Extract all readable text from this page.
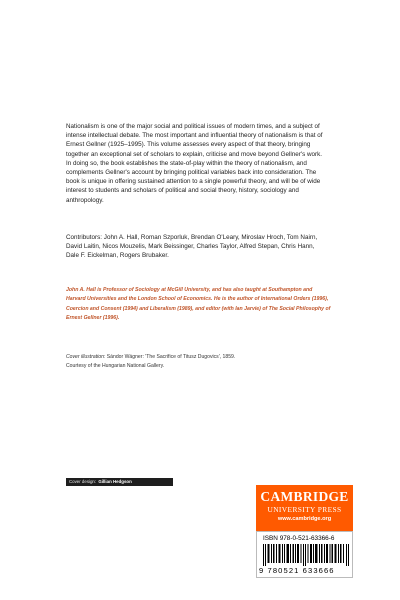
Nationalism is one of the major social and political issues of modern times, and a subject of intense intellectual debate. The most important and influential theory of nationalism is that of Ernest Gellner (1925–1995). This volume assesses every aspect of that theory, bringing together an exceptional set of scholars to explain, criticise and move beyond Gellner's work. In doing so, the book establishes the state-of-play within the theory of nationalism, and complements Gellner's account by bringing political variables back into consideration. The book is unique in offering sustained attention to a single powerful theory, and will be of wide interest to students and scholars of political and social theory, history, sociology and anthropology.

Contributors: John A. Hall, Roman Szporluk, Brendan O'Leary, Miroslav Hroch, Tom Nairn, David Laitin, Nicos Mouzelis, Mark Beissinger, Charles Taylor, Alfred Stepan, Chris Hann, Dale F. Eickelman, Rogers Brubaker.

John A. Hall is Professor of Sociology at McGill University, and has also taught at Southampton and Harvard Universities and the London School of Economics. He is the author of International Orders (1996), Coercion and Consent (1994) and Liberalism (1989), and editor (with Ian Jarvie) of The Social Philosophy of Ernest Gellner (1996).

Cover illustration: Sándor Wágner: 'The Sacrifice of Titusz Dugovics', 1859.
Courtesy of the Hungarian National Gallery.

Cover design: Gillian Hedgson
CAMBRIDGE
UNIVERSITY PRESS
www.cambridge.org
ISBN 978-0-521-63366-6
9 780521 633666
